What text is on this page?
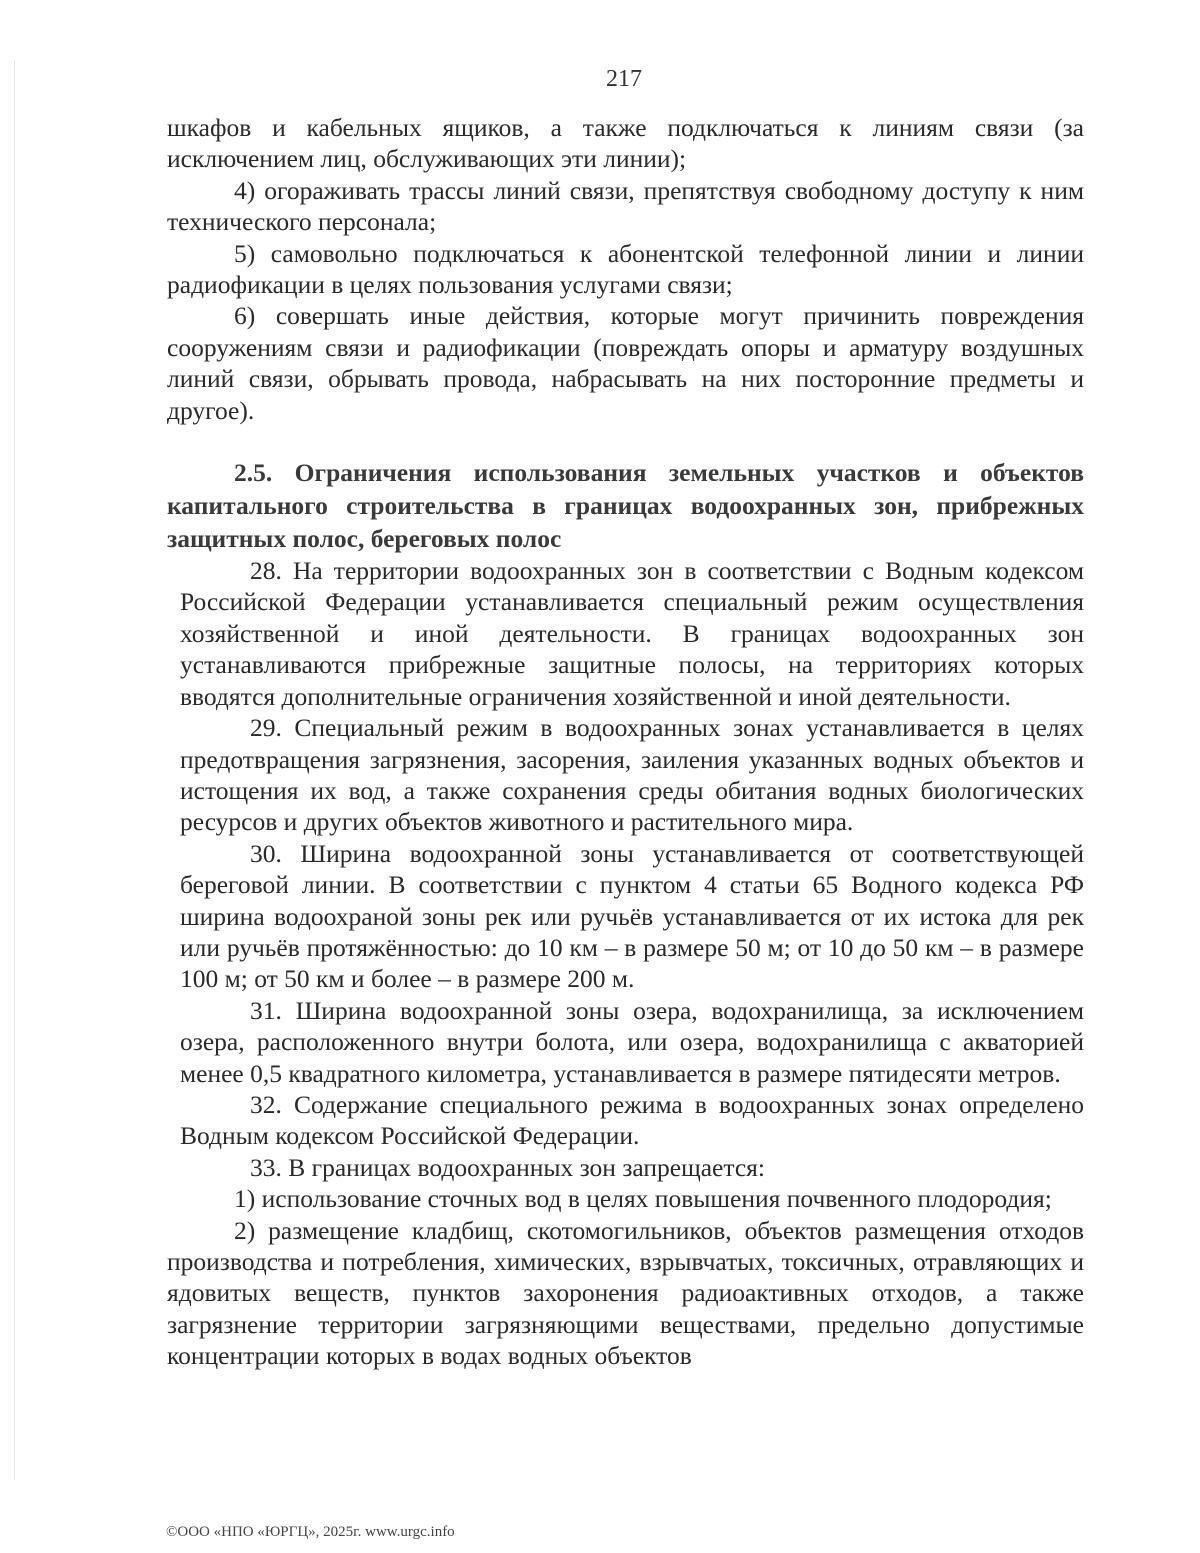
217

шкафов и кабельных ящиков, а также подключаться к линиям связи (за исключением лиц, обслуживающих эти линии);

4) огораживать трассы линий связи, препятствуя свободному доступу к ним технического персонала;

5) самовольно подключаться к абонентской телефонной линии и линии радиофикации в целях пользования услугами связи;

6) совершать иные действия, которые могут причинить повреждения сооружениям связи и радиофикации (повреждать опоры и арматуру воздушных линий связи, обрывать провода, набрасывать на них посторонние предметы и другое).

2.5. Ограничения использования земельных участков и объектов капитального строительства в границах водоохранных зон, прибрежных защитных полос, береговых полос

28. На территории водоохранных зон в соответствии с Водным кодексом Российской Федерации устанавливается специальный режим осуществления хозяйственной и иной деятельности. В границах водоохранных зон устанавливаются прибрежные защитные полосы, на территориях которых вводятся дополнительные ограничения хозяйственной и иной деятельности.

29. Специальный режим в водоохранных зонах устанавливается в целях предотвращения загрязнения, засорения, заиления указанных водных объектов и истощения их вод, а также сохранения среды обитания водных биологических ресурсов и других объектов животного и растительного мира.

30. Ширина водоохранной зоны устанавливается от соответствующей береговой линии. В соответствии с пунктом 4 статьи 65 Водного кодекса РФ ширина водоохраной зоны рек или ручьёв устанавливается от их истока для рек или ручьёв протяжённостью: до 10 км – в размере 50 м; от 10 до 50 км – в размере 100 м; от 50 км и более – в размере 200 м.

31. Ширина водоохранной зоны озера, водохранилища, за исключением озера, расположенного внутри болота, или озера, водохранилища с акваторией менее 0,5 квадратного километра, устанавливается в размере пятидесяти метров.

32. Содержание специального режима в водоохранных зонах определено Водным кодексом Российской Федерации.

33. В границах водоохранных зон запрещается:

1) использование сточных вод в целях повышения почвенного плодородия;

2) размещение кладбищ, скотомогильников, объектов размещения отходов производства и потребления, химических, взрывчатых, токсичных, отравляющих и ядовитых веществ, пунктов захоронения радиоактивных отходов, а также загрязнение территории загрязняющими веществами, предельно допустимые концентрации которых в водах водных объектов

©ООО «НПО «ЮРГЦ», 2025г. www.urgc.info
